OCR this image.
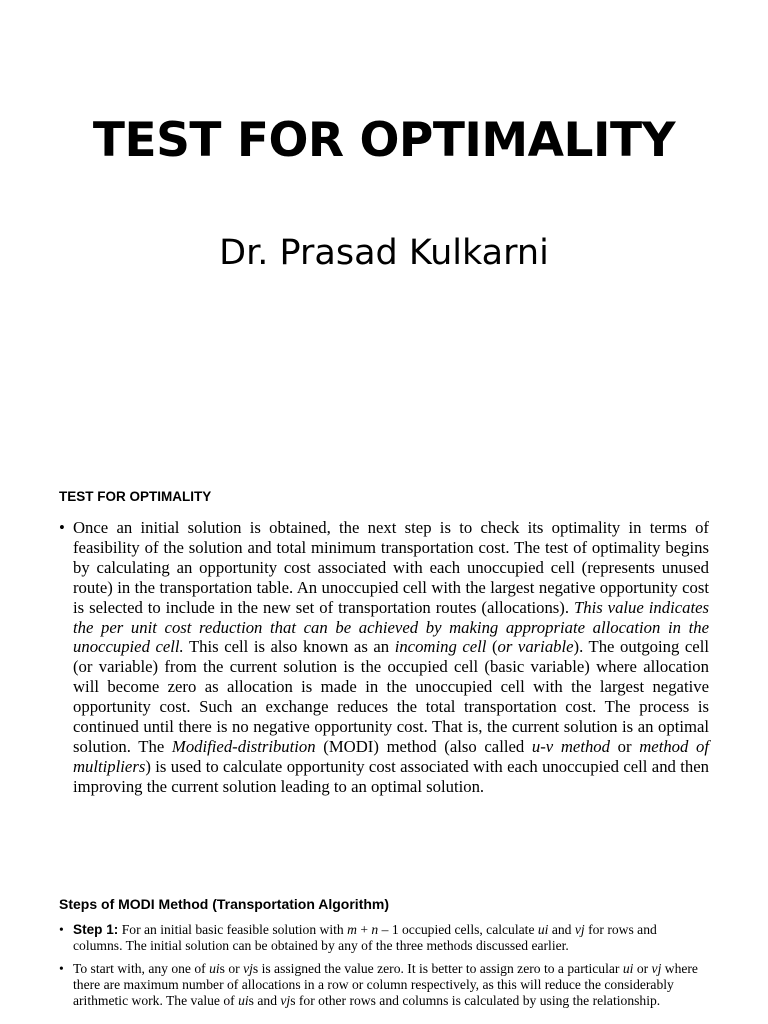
TEST FOR OPTIMALITY
Dr. Prasad Kulkarni
TEST FOR OPTIMALITY
• Once an initial solution is obtained, the next step is to check its optimality in terms of feasibility of the solution and total minimum transportation cost. The test of optimality begins by calculating an opportunity cost associated with each unoccupied cell (represents unused route) in the transportation table. An unoccupied cell with the largest negative opportunity cost is selected to include in the new set of transportation routes (allocations). This value indicates the per unit cost reduction that can be achieved by making appropriate allocation in the unoccupied cell. This cell is also known as an incoming cell (or variable). The outgoing cell (or variable) from the current solution is the occupied cell (basic variable) where allocation will become zero as allocation is made in the unoccupied cell with the largest negative opportunity cost. Such an exchange reduces the total transportation cost. The process is continued until there is no negative opportunity cost. That is, the current solution is an optimal solution. The Modified-distribution (MODI) method (also called u-v method or method of multipliers) is used to calculate opportunity cost associated with each unoccupied cell and then improving the current solution leading to an optimal solution.
Steps of MODI Method (Transportation Algorithm)
• Step 1: For an initial basic feasible solution with m + n – 1 occupied cells, calculate ui and vj for rows and columns. The initial solution can be obtained by any of the three methods discussed earlier.
• To start with, any one of uis or vjs is assigned the value zero. It is better to assign zero to a particular ui or vj where there are maximum number of allocations in a row or column respectively, as this will reduce the considerably arithmetic work. The value of uis and vjs for other rows and columns is calculated by using the relationship.
